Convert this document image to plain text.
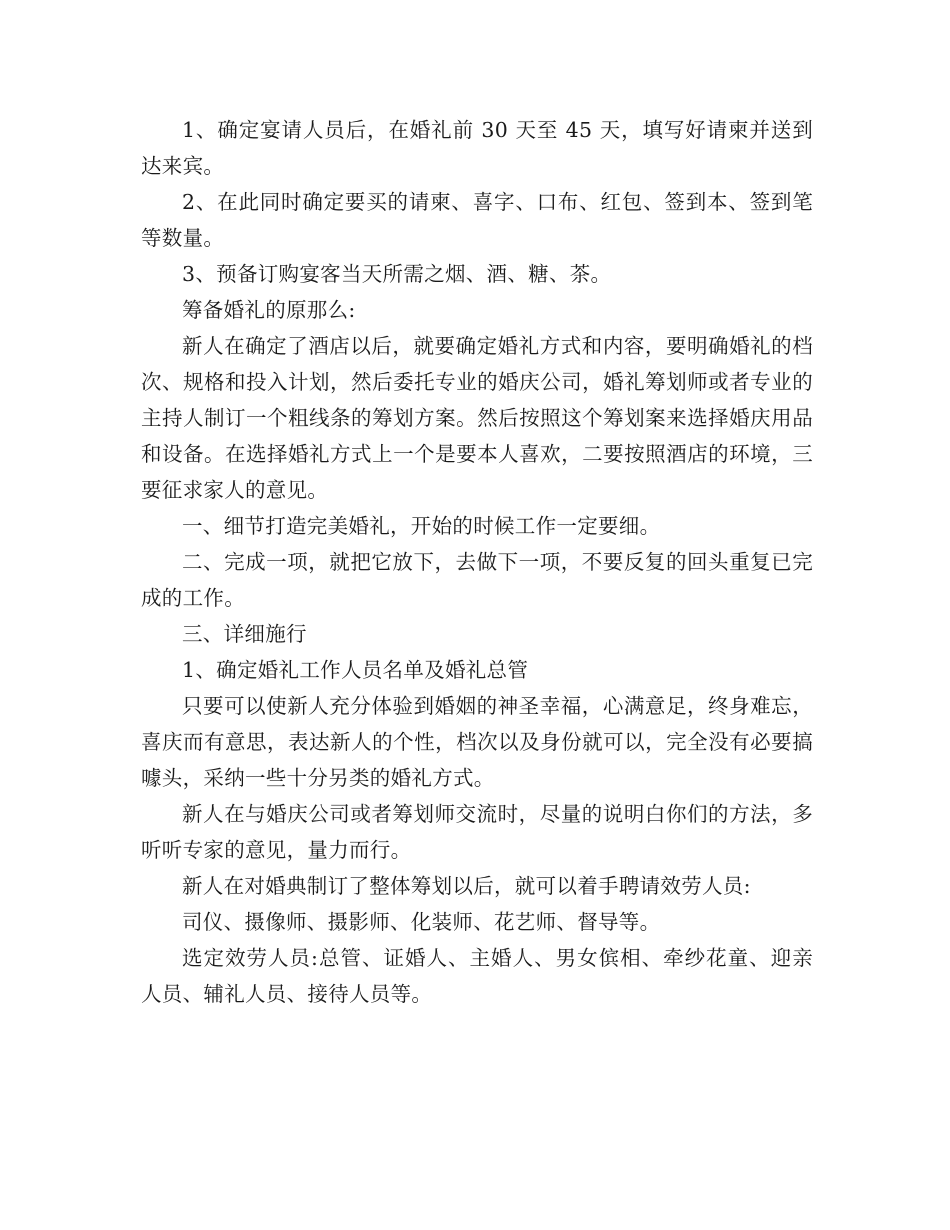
1、确定宴请人员后，在婚礼前 30 天至 45 天，填写好请柬并送到达来宾。

2、在此同时确定要买的请柬、喜字、口布、红包、签到本、签到笔等数量。

3、预备订购宴客当天所需之烟、酒、糖、茶。

筹备婚礼的原那么:

新人在确定了酒店以后，就要确定婚礼方式和内容，要明确婚礼的档次、规格和投入计划，然后委托专业的婚庆公司，婚礼筹划师或者专业的主持人制订一个粗线条的筹划方案。然后按照这个筹划案来选择婚庆用品和设备。在选择婚礼方式上一个是要本人喜欢，二要按照酒店的环境，三要征求家人的意见。

一、细节打造完美婚礼，开始的时候工作一定要细。

二、完成一项，就把它放下，去做下一项，不要反复的回头重复已完成的工作。

三、详细施行

1、确定婚礼工作人员名单及婚礼总管

只要可以使新人充分体验到婚姻的神圣幸福，心满意足，终身难忘，喜庆而有意思，表达新人的个性，档次以及身份就可以，完全没有必要搞噱头，采纳一些十分另类的婚礼方式。

新人在与婚庆公司或者筹划师交流时，尽量的说明白你们的方法，多听听专家的意见，量力而行。

新人在对婚典制订了整体筹划以后，就可以着手聘请效劳人员:

司仪、摄像师、摄影师、化装师、花艺师、督导等。

选定效劳人员:总管、证婚人、主婚人、男女傧相、牵纱花童、迎亲人员、辅礼人员、接待人员等。
